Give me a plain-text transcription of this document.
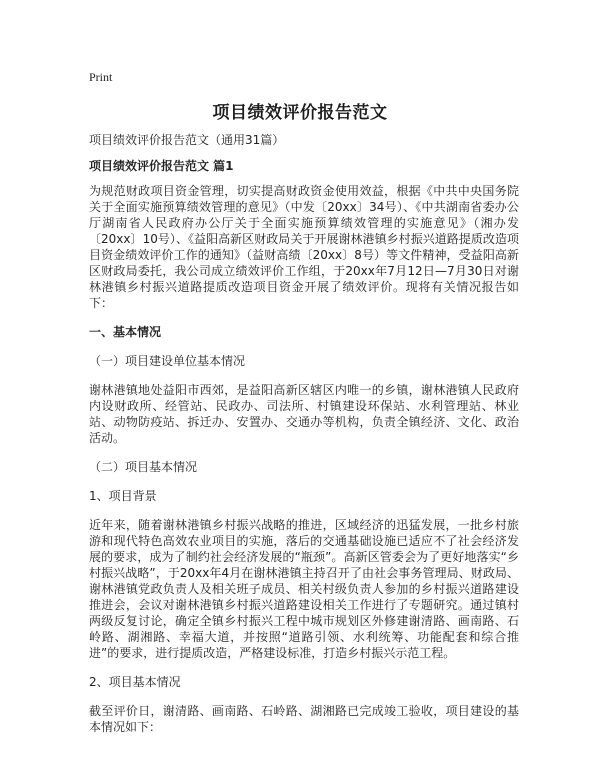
Print
项目绩效评价报告范文

项目绩效评价报告范文（通用31篇）

项目绩效评价报告范文 篇1

为规范财政项目资金管理，切实提高财政资金使用效益，根据《中共中央国务院关于全面实施预算绩效管理的意见》（中发〔20xx〕34号）、《中共湖南省委办公厅湖南省人民政府办公厅关于全面实施预算绩效管理的实施意见》（湘办发〔20xx〕10号）、《益阳高新区财政局关于开展谢林港镇乡村振兴道路提质改造项目资金绩效评价工作的通知》（益财高绩〔20xx〕8号）等文件精神，受益阳高新区财政局委托，我公司成立绩效评价工作组，于20xx年7月12日—7月30日对谢林港镇乡村振兴道路提质改造项目资金开展了绩效评价。现将有关情况报告如下：

一、基本情况

（一）项目建设单位基本情况

谢林港镇地处益阳市西郊，是益阳高新区辖区内唯一的乡镇，谢林港镇人民政府内设财政所、经管站、民政办、司法所、村镇建设环保站、水利管理站、林业站、动物防疫站、拆迁办、安置办、交通办等机构，负责全镇经济、文化、政治活动。

（二）项目基本情况

1、项目背景

近年来，随着谢林港镇乡村振兴战略的推进，区域经济的迅猛发展，一批乡村旅游和现代特色高效农业项目的实施，落后的交通基础设施已适应不了社会经济发展的要求，成为了制约社会经济发展的“瓶颈”。高新区管委会为了更好地落实“乡村振兴战略”，于20xx年4月在谢林港镇主持召开了由社会事务管理局、财政局、谢林港镇党政负责人及相关班子成员、相关村级负责人参加的乡村振兴道路建设推进会，会议对谢林港镇乡村振兴道路建设相关工作进行了专题研究。通过镇村两级反复讨论，确定全镇乡村振兴工程中城市规划区外修建谢清路、画南路、石岭路、湖湘路、幸福大道，并按照“道路引领、水利统筹、功能配套和综合推进”的要求，进行提质改造，严格建设标准，打造乡村振兴示范工程。

2、项目基本情况

截至评价日，谢清路、画南路、石岭路、湖湘路已完成竣工验收，项目建设的基本情况如下：
